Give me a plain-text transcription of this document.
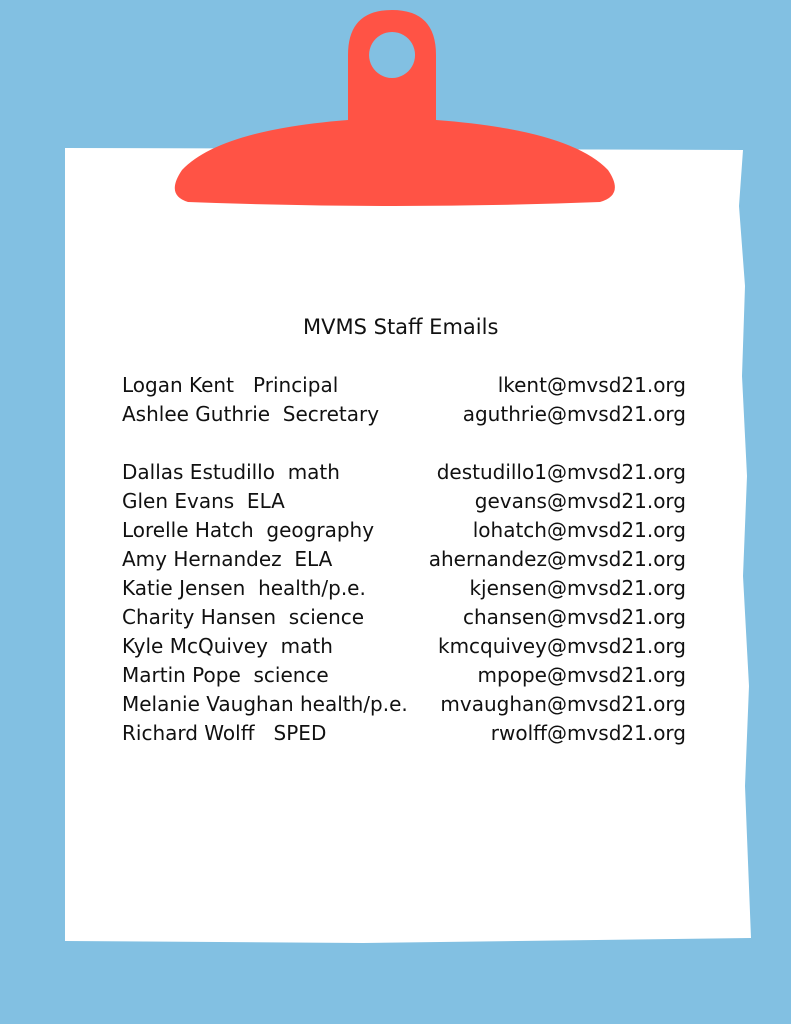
MVMS Staff Emails
Logan Kent   Principal	lkent@mvsd21.org
Ashlee Guthrie  Secretary	aguthrie@mvsd21.org
Dallas Estudillo  math	destudillo1@mvsd21.org
Glen Evans  ELA	gevans@mvsd21.org
Lorelle Hatch  geography	lohatch@mvsd21.org
Amy Hernandez  ELA	ahernandez@mvsd21.org
Katie Jensen  health/p.e.	kjensen@mvsd21.org
Charity Hansen  science	chansen@mvsd21.org
Kyle McQuivey  math	kmcquivey@mvsd21.org
Martin Pope  science	mpope@mvsd21.org
Melanie Vaughan health/p.e. mvaughan@mvsd21.org
Richard Wolff   SPED	rwolff@mvsd21.org
